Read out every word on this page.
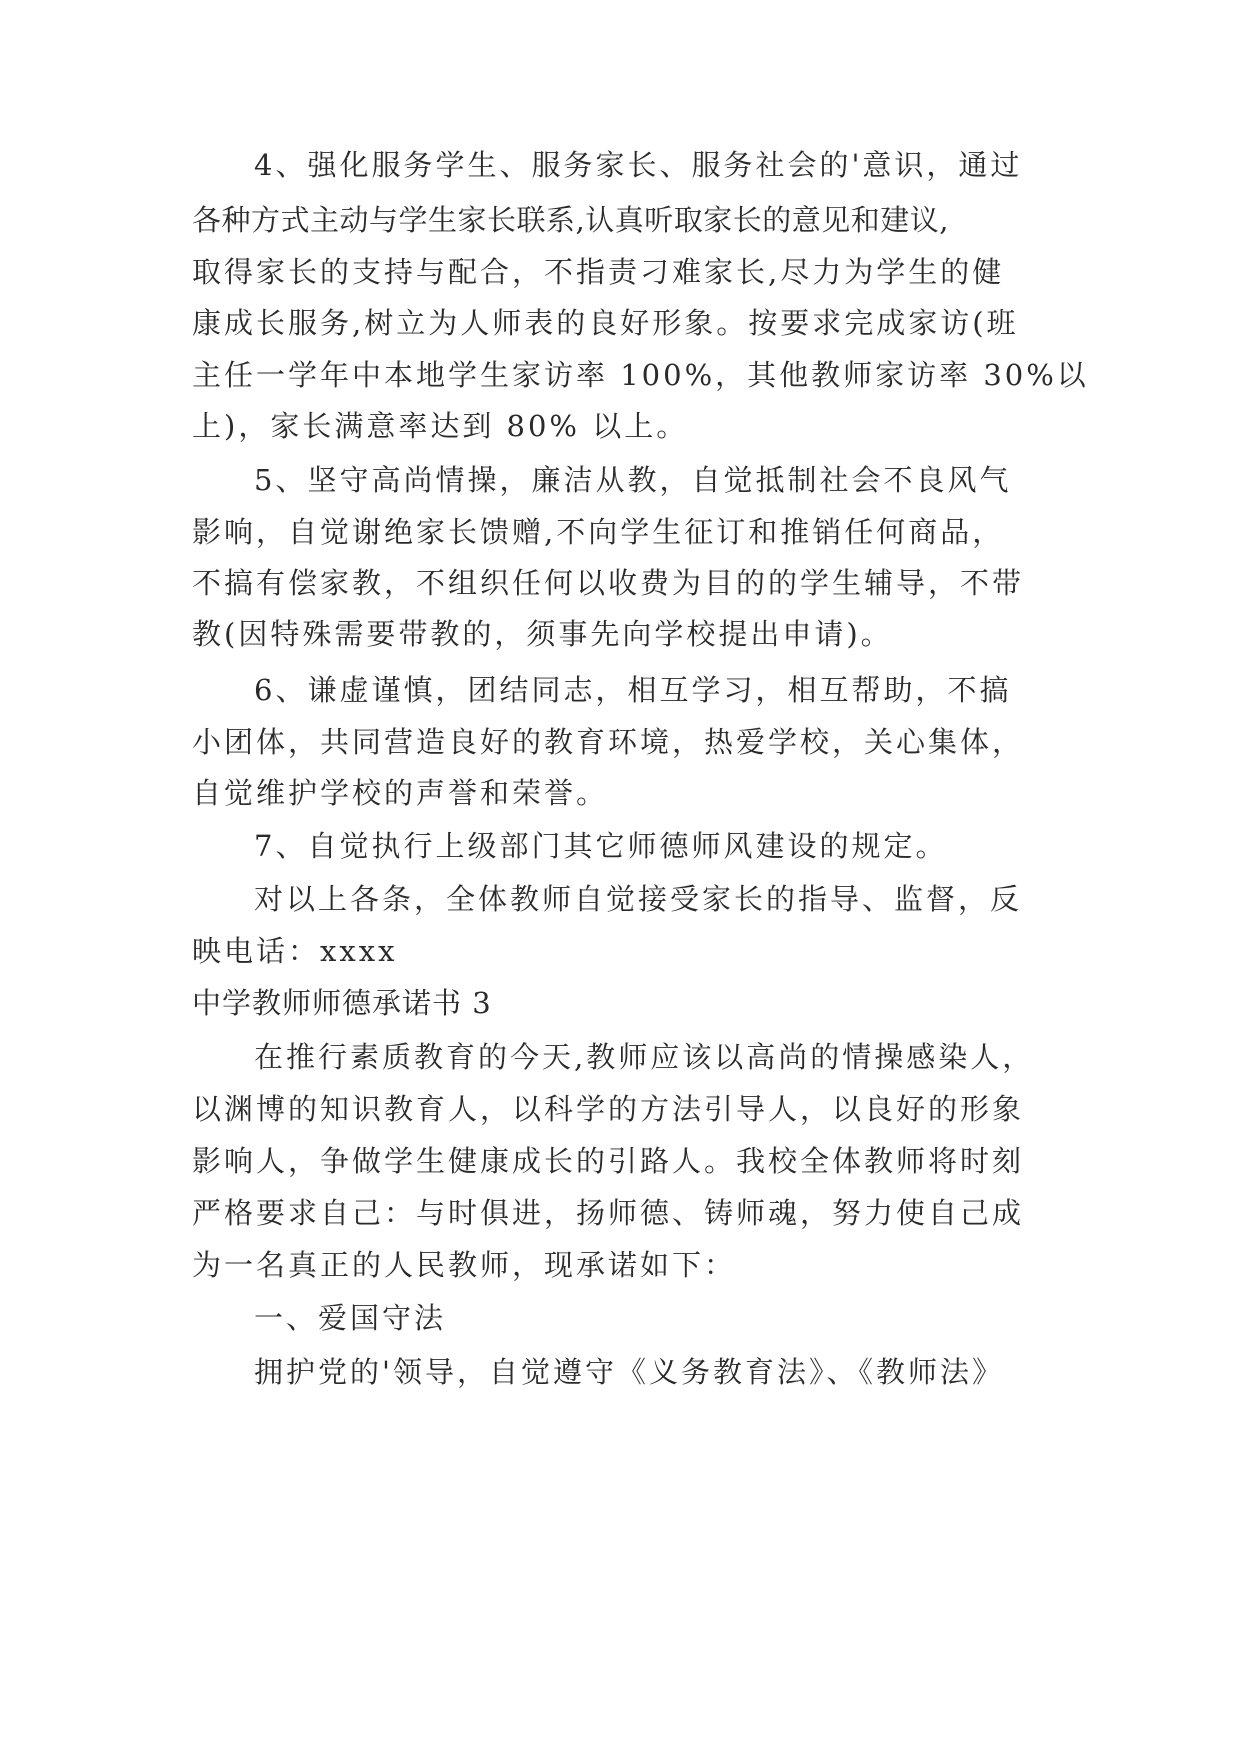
4、强化服务学生、服务家长、服务社会的'意识，通过
各种方式主动与学生家长联系,认真听取家长的意见和建议,
取得家长的支持与配合，不指责刁难家长,尽力为学生的健
康成长服务,树立为人师表的良好形象。按要求完成家访(班
主任一学年中本地学生家访率 100%，其他教师家访率 30%以
上)，家长满意率达到 80% 以上。
5、坚守高尚情操，廉洁从教，自觉抵制社会不良风气
影响，自觉谢绝家长馈赠,不向学生征订和推销任何商品，
不搞有偿家教，不组织任何以收费为目的的学生辅导，不带
教(因特殊需要带教的，须事先向学校提出申请)。
6、谦虚谨慎，团结同志，相互学习，相互帮助，不搞
小团体，共同营造良好的教育环境，热爱学校，关心集体，
自觉维护学校的声誉和荣誉。
7、自觉执行上级部门其它师德师风建设的规定。
对以上各条，全体教师自觉接受家长的指导、监督，反
映电话：xxxx
中学教师师德承诺书 3
在推行素质教育的今天,教师应该以高尚的情操感染人，
以渊博的知识教育人，以科学的方法引导人，以良好的形象
影响人，争做学生健康成长的引路人。我校全体教师将时刻
严格要求自己：与时俱进，扬师德、铸师魂，努力使自己成
为一名真正的人民教师，现承诺如下：
一、爱国守法
拥护党的'领导，自觉遵守《义务教育法》、《教师法》
